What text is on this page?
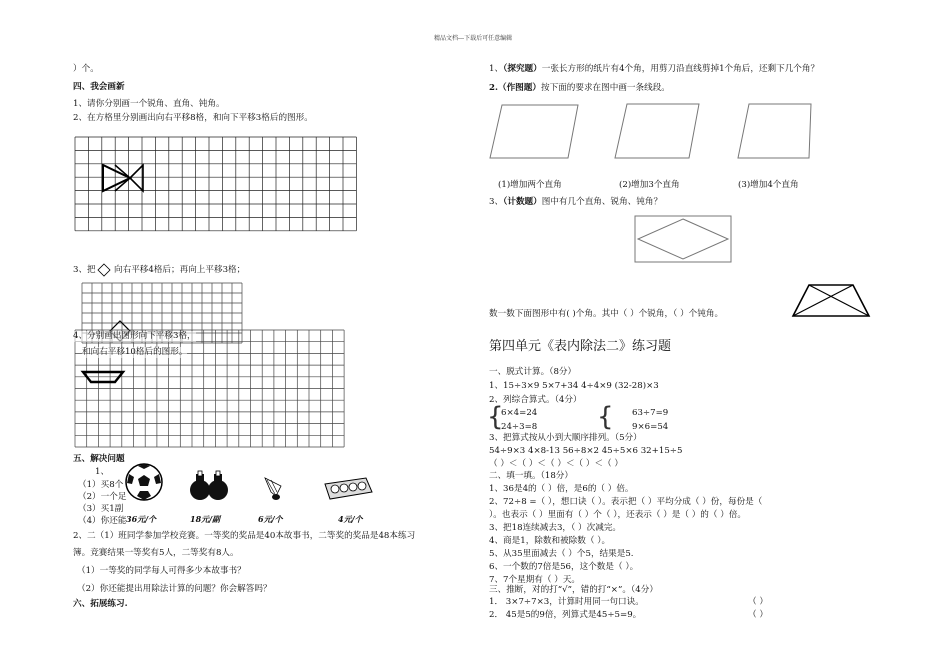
精品文档---下载后可任意编辑
）个。
四、我会画新
1、请你分别画一个锐角、直角、钝角。
2、在方格里分别画出向右平移8格，和向下平移3格后的图形。
3、把 向右平移4格后；再向上平移3格；
4、分别画出图形向下平移3格，
和向右平移10格后的图形。
五、解决问题
1、
（1）买8个
（2）一个足
（3）买1副
（4）你还能 36元/个	18元/副	6元/个	4元/个
2、二（1）班同学参加学校竞赛。一等奖的奖品是40本故事书，二等奖的奖品是48本练习
簿。竞赛结果一等奖有5人，二等奖有8人。
（1）一等奖的同学每人可得多少本故事书？
（2）你还能提出用除法计算的问题？你会解答吗？
六、拓展练习.
1、（探究题）一张长方形的纸片有4个角，用剪刀沿直线剪掉1个角后，还剩下几个角？
2.（作图题）按下面的要求在图中画一条线段。
(1)增加两个直角	(2)增加3个直角	(3)增加4个直角
3、（计数题）图中有几个直角、锐角、钝角？
数一数下面图形中有( )个角。其中（ ）个锐角，（ ）个钝角。
第四单元《表内除法二》练习题
一、脱式计算。（8分）
1、15÷3×9 5×7+34 4÷4×9 (32-28)×3
2、列综合算式。（4分）
{
6×4=24
24÷3=8 { 63÷7=9
9×6=54
3、把算式按从小到大顺序排列。（5分）
54÷9×3 4×8-13 56÷8×2 45÷5×6 32+15÷5
（ ）＜（ ）＜（ ）＜（ ）＜（ ）
二、填一填。（18分）
1、36是4的（ ）倍，是6的（ ）倍。
2、72÷8 =（ ），想口诀（ ）。表示把（ ）平均分成（ ）份，每份是（
）。也表示（ ）里面有（ ）个（ ），还表示（ ）是（ ）的（ ）倍。
3、把18连续减去3，（ ）次减完。
4、商是1，除数和被除数（ ）。
5、从35里面减去（ ）个5，结果是5.
6、一个数的7倍是56，这个数是（ ）。
7、7个星期有（ ）天。
三、推断，对的打“√”，错的打“×”。（4分）
1． 3×7÷7×3，计算时用同一句口诀。	（ ）
2． 45是5的9倍，列算式是45÷5=9。	（ ）
